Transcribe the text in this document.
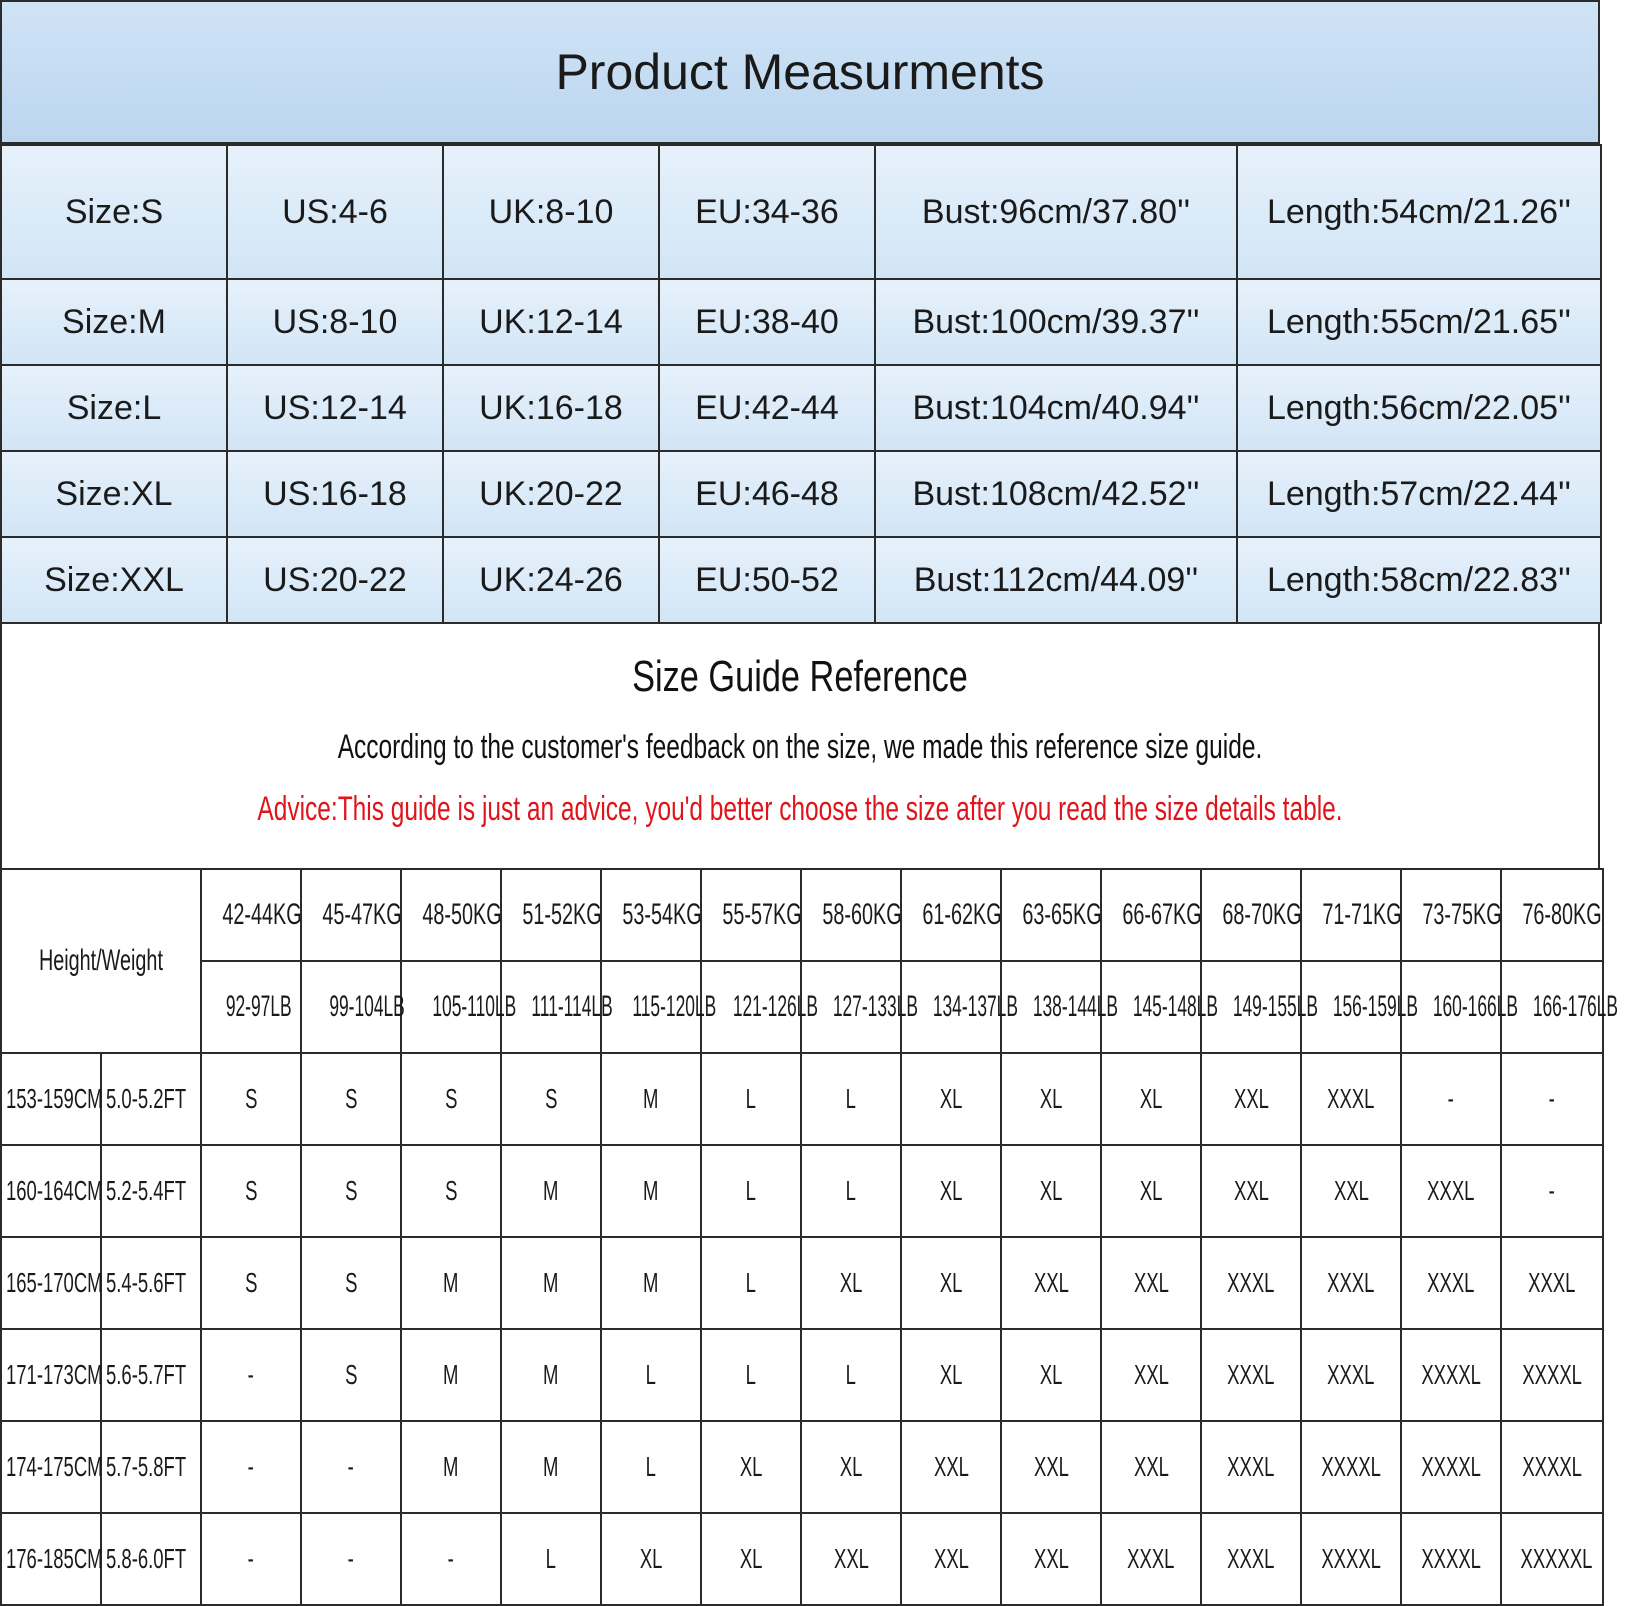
Product Measurments
Size:S	US:4-6	UK:8-10	EU:34-36	Bust:96cm/37.80''	Length:54cm/21.26''
Size:M	US:8-10	UK:12-14	EU:38-40	Bust:100cm/39.37''	Length:55cm/21.65''
Size:L	US:12-14	UK:16-18	EU:42-44	Bust:104cm/40.94''	Length:56cm/22.05''
Size:XL	US:16-18	UK:20-22	EU:46-48	Bust:108cm/42.52''	Length:57cm/22.44''
Size:XXL	US:20-22	UK:24-26	EU:50-52	Bust:112cm/44.09''	Length:58cm/22.83''
Size Guide Reference
According to the customer's feedback on the size, we made this reference size guide.
Advice:This guide is just an advice, you'd better choose the size after you read the size details table.
Height/Weight		42-44KG	45-47KG	48-50KG	51-52KG	53-54KG	55-57KG	58-60KG	61-62KG	63-65KG	66-67KG	68-70KG	71-71KG	73-75KG	76-80KG
		92-97LB	99-104LB	105-110LB	111-114LB	115-120LB	121-126LB	127-133LB	134-137LB	138-144LB	145-148LB	149-155LB	156-159LB	160-166LB	166-176LB
153-159CM	5.0-5.2FT	S	S	S	S	M	L	L	XL	XL	XL	XXL	XXXL	-	-
160-164CM	5.2-5.4FT	S	S	S	M	M	L	L	XL	XL	XL	XXL	XXL	XXXL	-
165-170CM	5.4-5.6FT	S	S	M	M	M	L	XL	XL	XXL	XXL	XXXL	XXXL	XXXL	XXXL
171-173CM	5.6-5.7FT	-	S	M	M	L	L	L	XL	XL	XXL	XXXL	XXXL	XXXXL	XXXXL
174-175CM	5.7-5.8FT	-	-	M	M	L	XL	XL	XXL	XXL	XXL	XXXL	XXXXL	XXXXL	XXXXL
176-185CM	5.8-6.0FT	-	-	-	L	XL	XL	XXL	XXL	XXL	XXXL	XXXL	XXXXL	XXXXL	XXXXXL
